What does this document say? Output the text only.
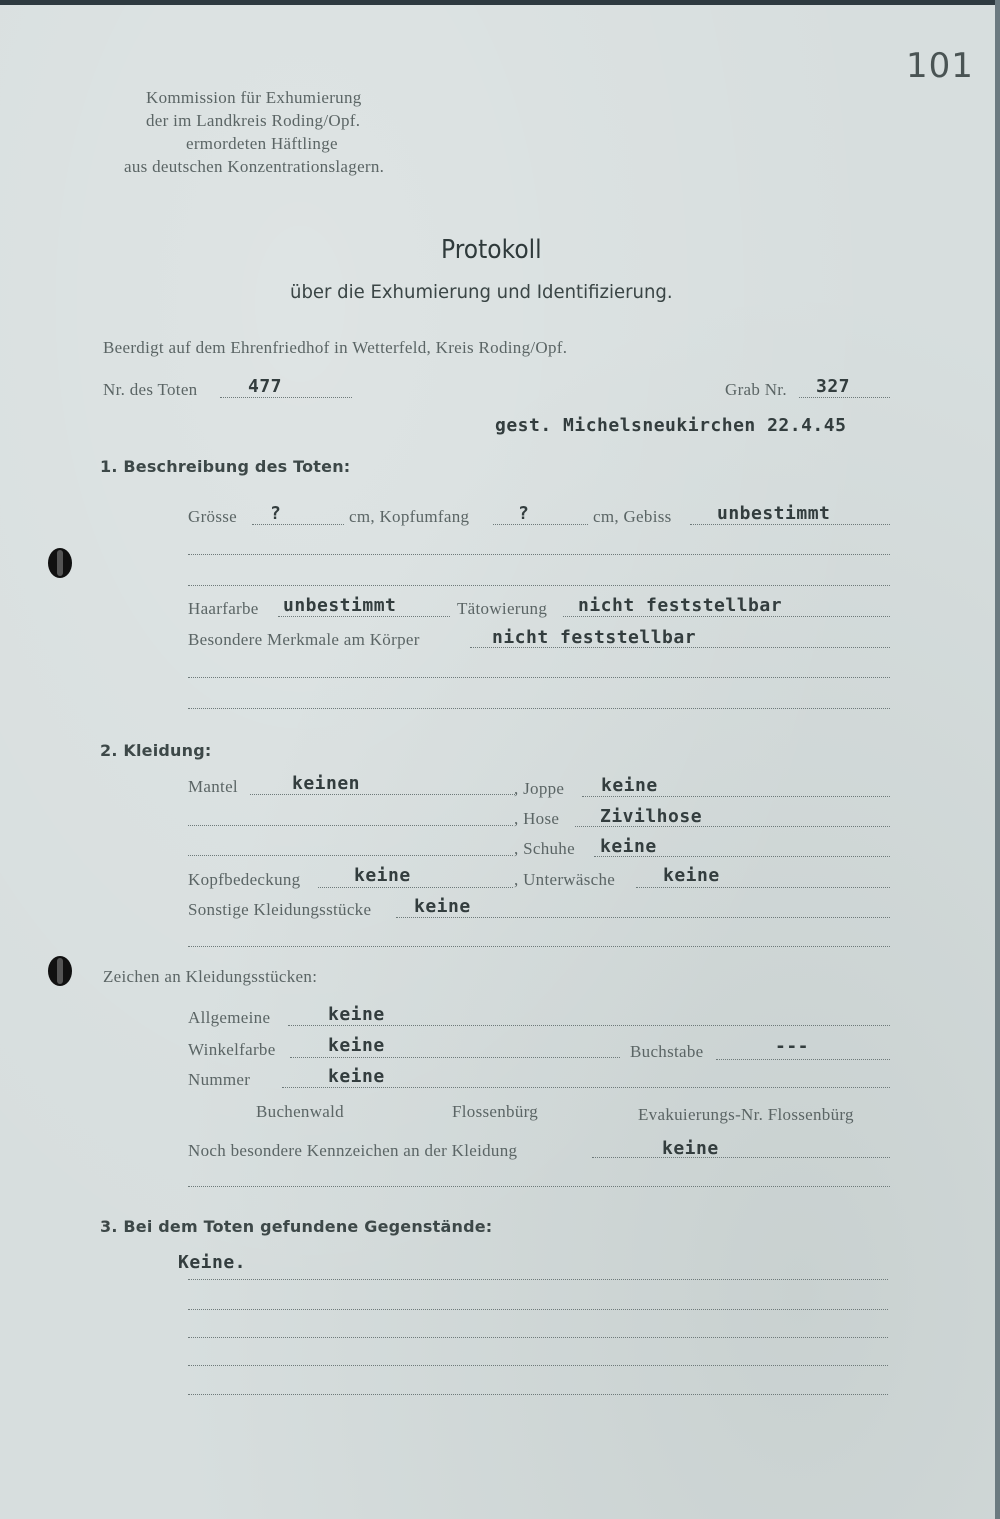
101
Kommission für Exhumierung
der im Landkreis Roding/Opf.
ermordeten Häftlinge
aus deutschen Konzentrationslagern.
Protokoll
über die Exhumierung und Identifizierung.
Beerdigt auf dem Ehrenfriedhof in Wetterfeld, Kreis Roding/Opf.
Nr. des Toten	477	Grab Nr. 327
gest. Michelsneukirchen 22.4.45
1. Beschreibung des Toten:
Grösse ?	cm, Kopfumfang	?	cm, Gebiss	unbestimmt
Haarfarbe unbestimmt	Tätowierung nicht feststellbar
Besondere Merkmale am Körper	nicht feststellbar
2. Kleidung:
Mantel	keinen	, Joppe keine
, Hose Zivilhose
, Schuhe keine
Kopfbedeckung	keine	, Unterwäsche	keine
Sonstige Kleidungsstücke keine
Zeichen an Kleidungsstücken:
Allgemeine	keine
Winkelfarbe	keine	Buchstabe	---
Nummer	keine
Buchenwald	Flossenbürg	Evakuierungs-Nr. Flossenbürg
Noch besondere Kennzeichen an der Kleidung	keine
3. Bei dem Toten gefundene Gegenstände:
Keine.
